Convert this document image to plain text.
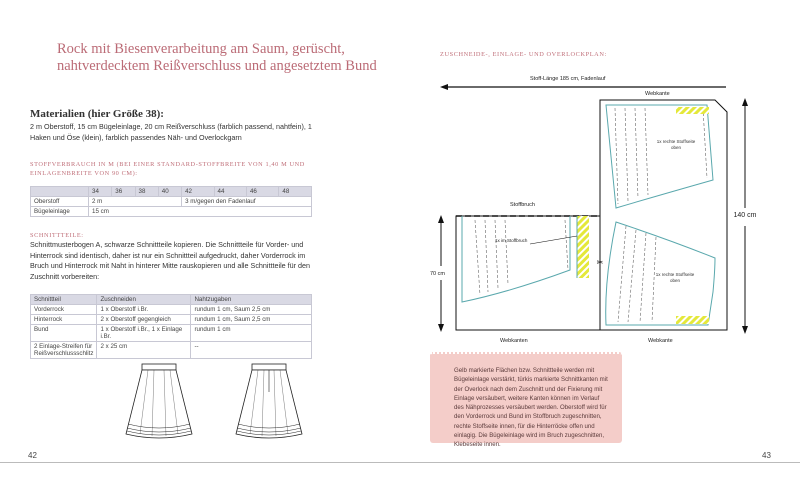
Rock mit Biesenverarbeitung am Saum, gerüscht, nahtverdecktem Reißverschluss und angesetztem Bund
Materialien (hier Größe 38):
2 m Oberstoff, 15 cm Bügeleinlage, 20 cm Reißverschluss (farblich passend, nahtfein), 1 Haken und Öse (klein), farblich passendes Näh- und Overlockgarn
STOFFVERBRAUCH IN M (BEI EINER STANDARD-STOFFBREITE VON 1,40 M UND EINLAGENBREITE VON 90 CM):
	34	36	38	40	42	44	46	48
Oberstoff	2 m				3 m/gegen den Fadenlauf			
Bügeleinlage	15 cm							
SCHNITTTEILE:
Schnittmusterbogen A, schwarze Schnittteile kopieren. Die Schnittteile für Vorder- und Hinterrock sind identisch, daher ist nur ein Schnittteil aufgedruckt, daher Vorderrock im Bruch und Hinterrock mit Naht in hinterer Mitte rauskopieren und alle Schnittteile für den Zuschnitt vorbereiten:
Schnittteil	Zuschneiden	Nahtzugaben
Vorderrock	1 x Oberstoff i.Br.	rundum 1 cm, Saum 2,5 cm
Hinterrock	2 x Oberstoff gegengleich	rundum 1 cm, Saum 2,5 cm
Bund	1 x Oberstoff i.Br., 1 x Einlage i.Br.	rundum 1 cm
2 Einlage-Streifen für Reißverschlussschlitz	2 x 25 cm	--
42
ZUSCHNEIDE-, EINLAGE- UND OVERLOCKPLAN:
✂
Stoff-Länge 185 cm, Fadenlauf
Webkante
Stoffbruch
1x im Stoffbruch
70 cm
Webkanten	Webkante
140 cm
1x rechte Stoffseite oben
1x rechte Stoffseite oben
Gelb markierte Flächen bzw. Schnittteile werden mit Bügeleinlage verstärkt, türkis markierte Schnittkanten mit der Overlock nach dem Zuschnitt und der Fixierung mit Einlage versäubert, weitere Kanten können im Verlauf des Nähprozesses versäubert werden. Oberstoff wird für den Vorderrock und Bund im Stoffbruch zugeschnitten, rechte Stoffseite innen, für die Hinterröcke offen und einlagig. Die Bügeleinlage wird im Bruch zugeschnitten, Klebeseite innen.
43
